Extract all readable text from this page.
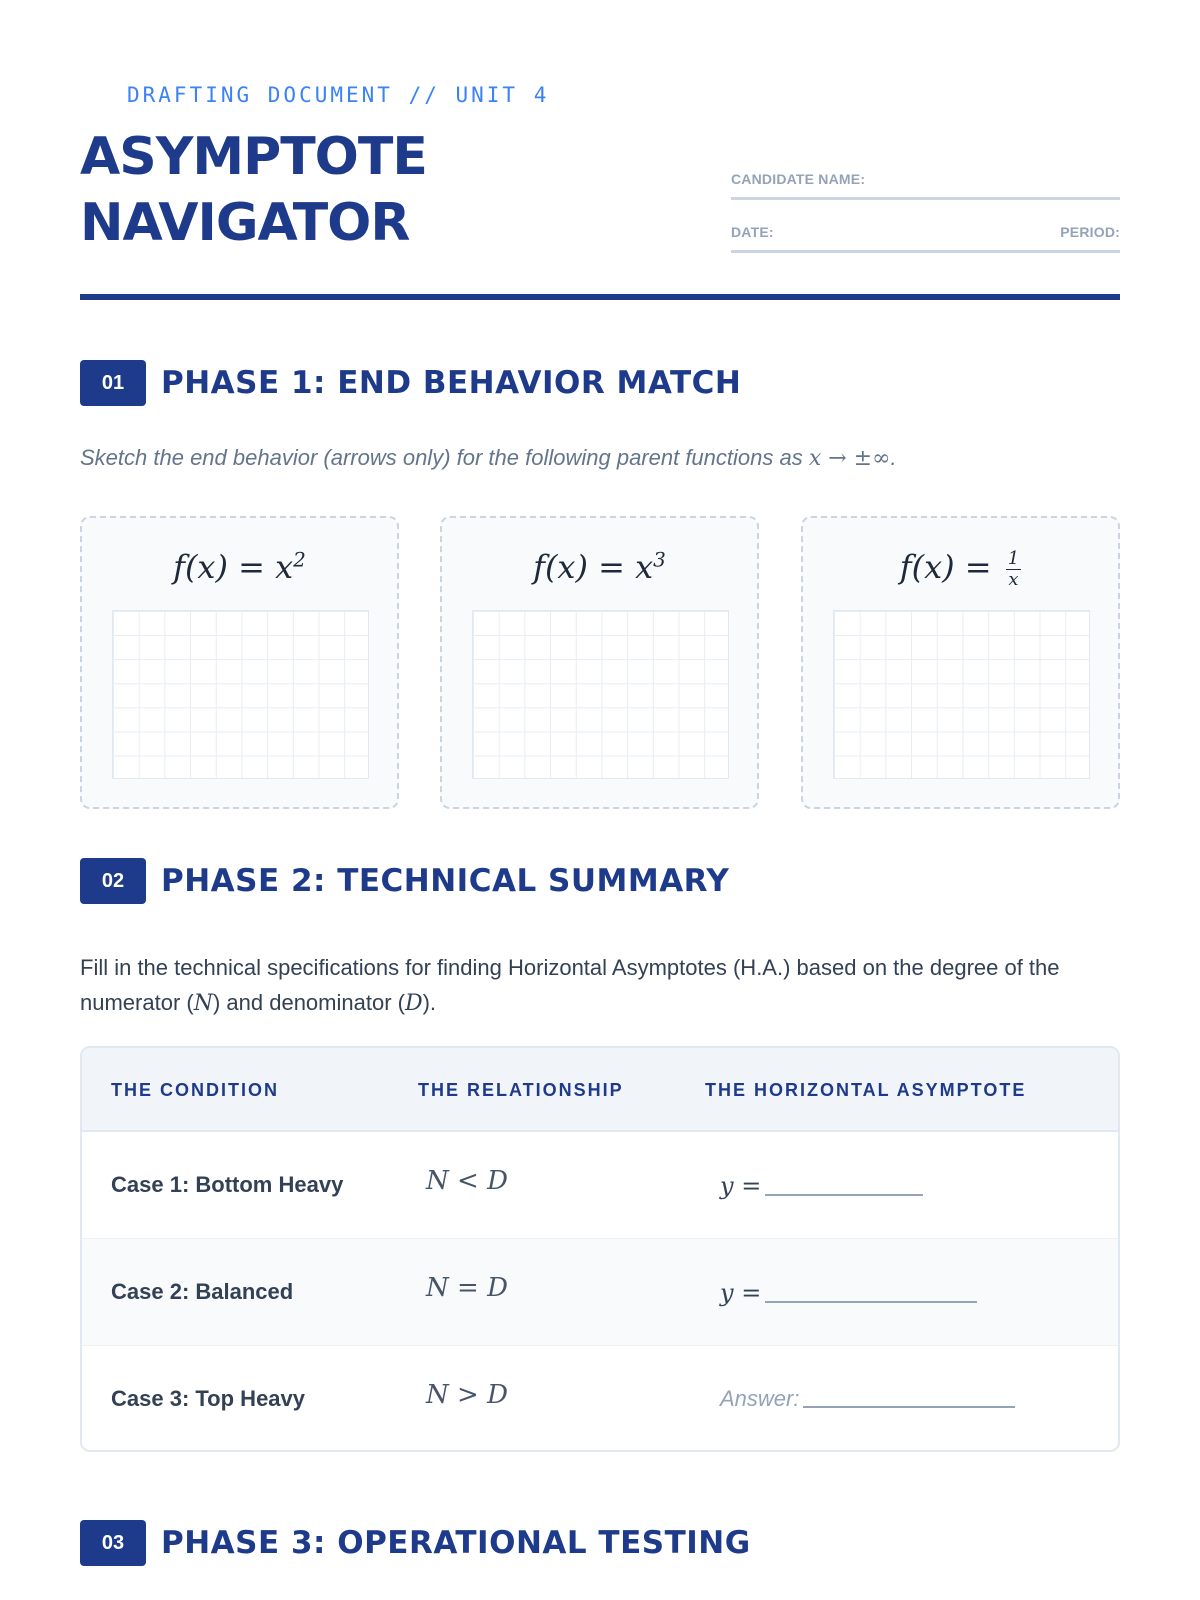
DRAFTING DOCUMENT // UNIT 4
ASYMPTOTE
NAVIGATOR
CANDIDATE NAME:
DATE:	PERIOD:
01	PHASE 1: END BEHAVIOR MATCH
Sketch the end behavior (arrows only) for the following parent functions as x → ±∞.
$f(x) = x^2$	$f(x) = x^3$	$f(x) = \frac{1}{x}$
02	PHASE 2: TECHNICAL SUMMARY
Fill in the technical specifications for finding Horizontal Asymptotes (H.A.) based on the degree of the numerator (N) and denominator (D).
THE CONDITION	THE RELATIONSHIP	THE HORIZONTAL ASYMPTOTE
Case 1: Bottom Heavy	N < D	y =
Case 2: Balanced	N = D	y =
Case 3: Top Heavy	N > D	Answer:
03	PHASE 3: OPERATIONAL TESTING
